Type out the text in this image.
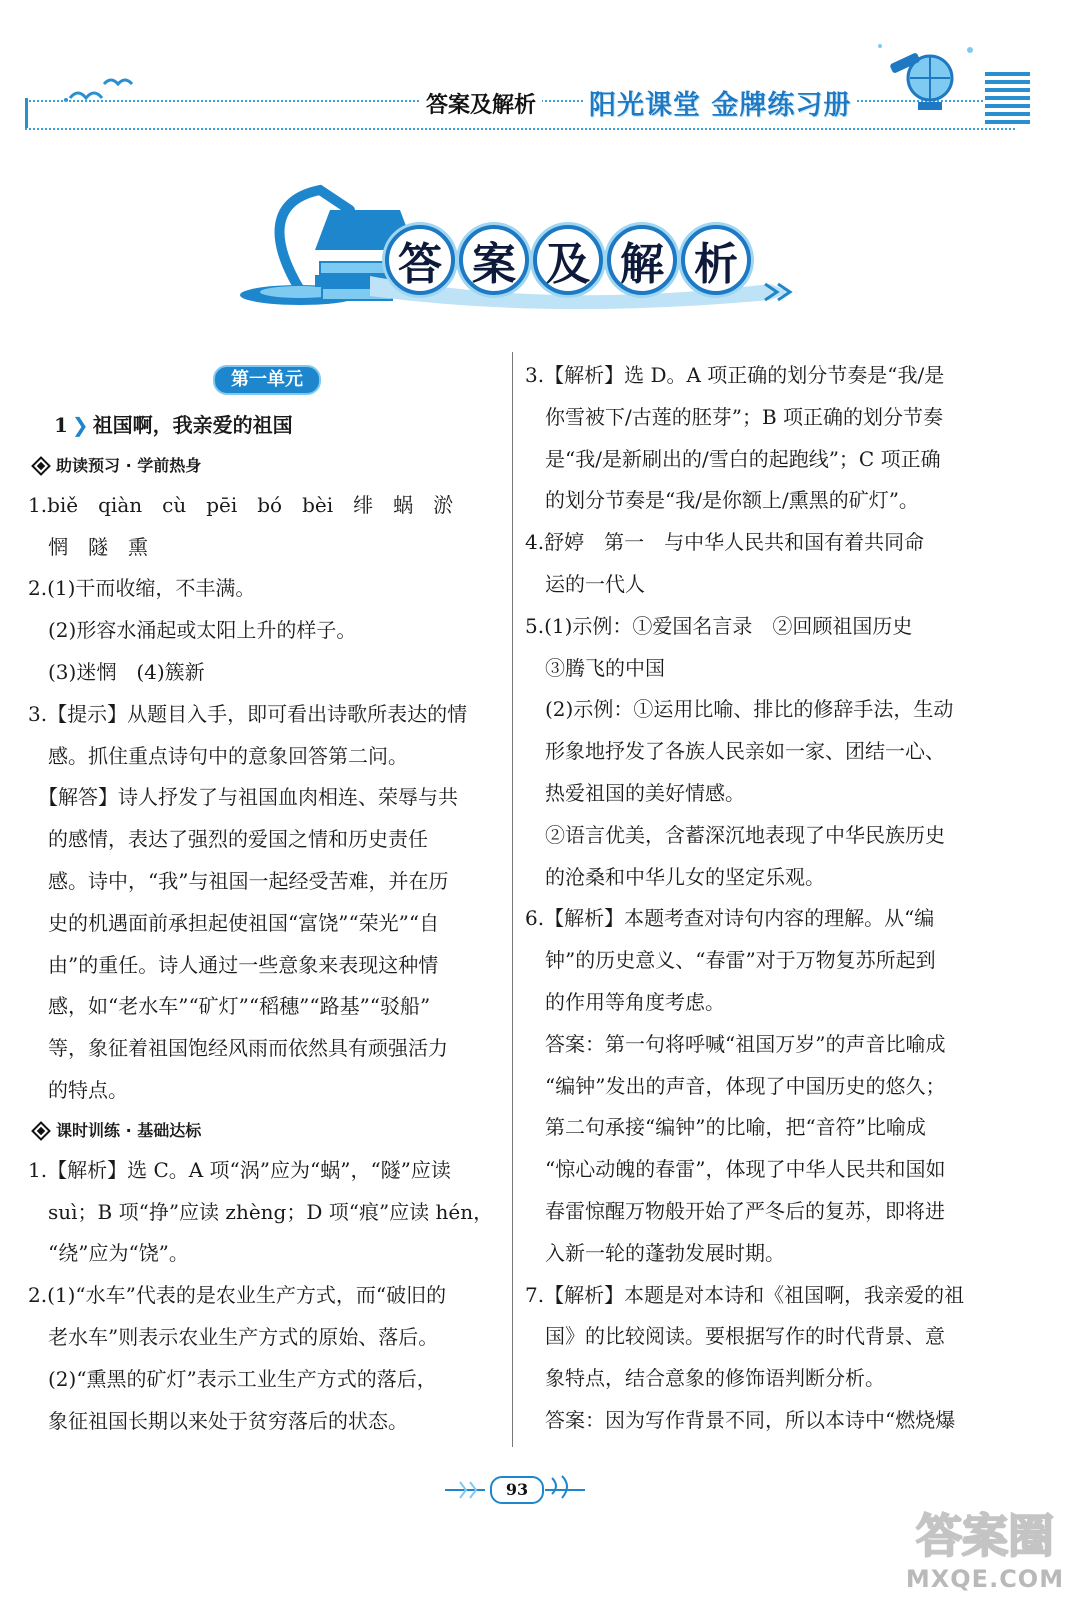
答案及解析 阳光课堂 金牌练习册
答 案 及 解 析
第一单元
1 ❯ 祖国啊，我亲爱的祖国
助读预习 · 学前热身
1.biě　qiàn　cù　pēi　bó　bèi　绯　蜗　淤
　惘　隧　熏
2.(1)干而收缩，不丰满。
　(2)形容水涌起或太阳上升的样子。
　(3)迷惘　(4)簇新
3.【提示】从题目入手，即可看出诗歌所表达的情
　感。抓住重点诗句中的意象回答第二问。
　【解答】诗人抒发了与祖国血肉相连、荣辱与共
　的感情，表达了强烈的爱国之情和历史责任
　感。诗中，“我”与祖国一起经受苦难，并在历
　史的机遇面前承担起使祖国“富饶”“荣光”“自
　由”的重任。诗人通过一些意象来表现这种情
　感，如“老水车”“矿灯”“稻穗”“路基”“驳船”
　等，象征着祖国饱经风雨而依然具有顽强活力
　的特点。
课时训练 · 基础达标
1.【解析】选 C。A 项“涡”应为“蜗”，“隧”应读
　suì；B 项“挣”应读 zhèng；D 项“痕”应读 hén，
　“绕”应为“饶”。
2.(1)“水车”代表的是农业生产方式，而“破旧的
　老水车”则表示农业生产方式的原始、落后。
　(2)“熏黑的矿灯”表示工业生产方式的落后，
　象征祖国长期以来处于贫穷落后的状态。
3.【解析】选 D。A 项正确的划分节奏是“我/是
　你雪被下/古莲的胚芽”；B 项正确的划分节奏
　是“我/是新刷出的/雪白的起跑线”；C 项正确
　的划分节奏是“我/是你额上/熏黑的矿灯”。
4.舒婷　第一　与中华人民共和国有着共同命
　运的一代人
5.(1)示例：①爱国名言录　②回顾祖国历史
　③腾飞的中国
　(2)示例：①运用比喻、排比的修辞手法，生动
　形象地抒发了各族人民亲如一家、团结一心、
　热爱祖国的美好情感。
　②语言优美，含蓄深沉地表现了中华民族历史
　的沧桑和中华儿女的坚定乐观。
6.【解析】本题考查对诗句内容的理解。从“编
　钟”的历史意义、“春雷”对于万物复苏所起到
　的作用等角度考虑。
　答案：第一句将呼喊“祖国万岁”的声音比喻成
　“编钟”发出的声音，体现了中国历史的悠久；
　第二句承接“编钟”的比喻，把“音符”比喻成
　“惊心动魄的春雷”，体现了中华人民共和国如
　春雷惊醒万物般开始了严冬后的复苏，即将进
　入新一轮的蓬勃发展时期。
7.【解析】本题是对本诗和《祖国啊，我亲爱的祖
　国》的比较阅读。要根据写作的时代背景、意
　象特点，结合意象的修饰语判断分析。
　答案：因为写作背景不同，所以本诗中“燃烧爆
93
答案圈
MXQE.COM
